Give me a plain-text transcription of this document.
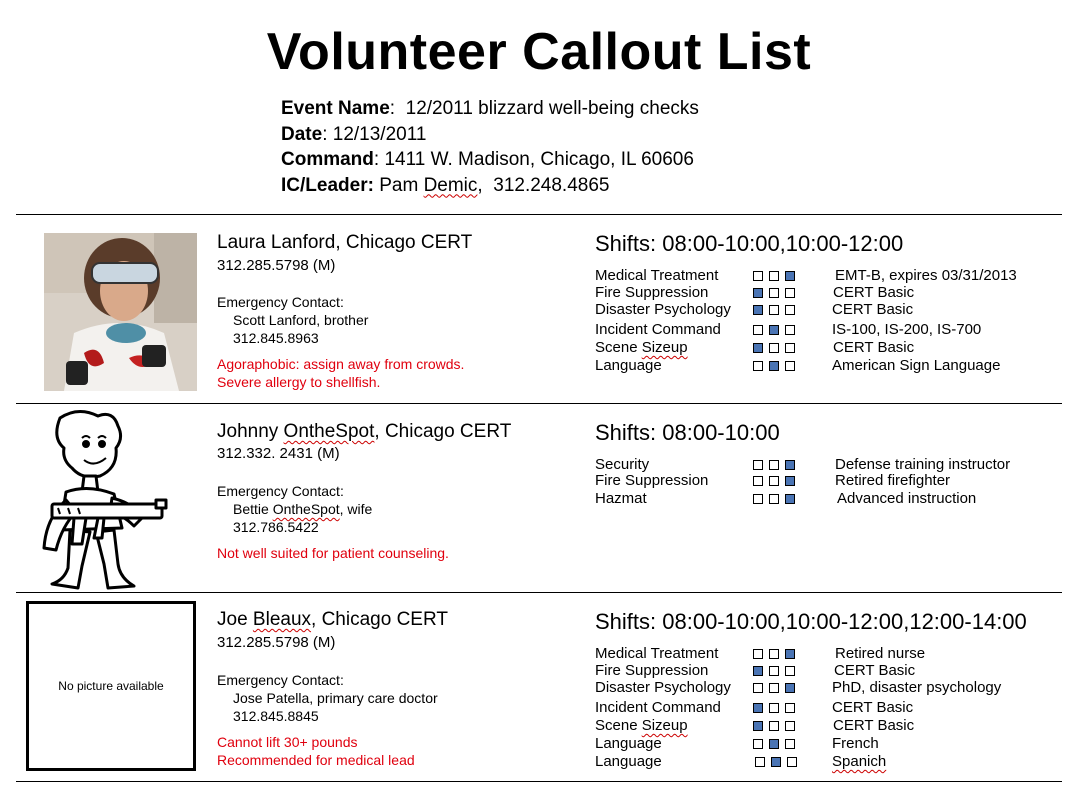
Volunteer Callout List
Event Name:  12/2011 blizzard well-being checks
Date: 12/13/2011
Command: 1411 W. Madison, Chicago, IL 60606
IC/Leader: Pam Demic,  312.248.4865
Laura Lanford, Chicago CERT
312.285.5798 (M)
Emergency Contact:
Scott Lanford, brother
312.845.8963
Agoraphobic: assign away from crowds.
Severe allergy to shellfish.
Shifts: 08:00-10:00,10:00-12:00
Medical Treatment	EMT-B, expires 03/31/2013
Fire Suppression	CERT Basic
Disaster Psychology	CERT Basic
Incident Command	IS-100, IS-200, IS-700
Scene Sizeup	CERT Basic
Language	American Sign Language
Johnny OntheSpot, Chicago CERT
312.332. 2431 (M)
Emergency Contact:
Bettie OntheSpot, wife
312.786.5422
Not well suited for patient counseling.
Shifts: 08:00-10:00
Security	Defense training instructor
Fire Suppression	Retired firefighter
Hazmat	Advanced instruction
No picture available
Joe Bleaux, Chicago CERT
312.285.5798 (M)
Emergency Contact:
Jose Patella, primary care doctor
312.845.8845
Cannot lift 30+ pounds
Recommended for medical lead
Shifts: 08:00-10:00,10:00-12:00,12:00-14:00
Medical Treatment	Retired nurse
Fire Suppression	CERT Basic
Disaster Psychology	PhD, disaster psychology
Incident Command	CERT Basic
Scene Sizeup	CERT Basic
Language	French
Language	Spanich
